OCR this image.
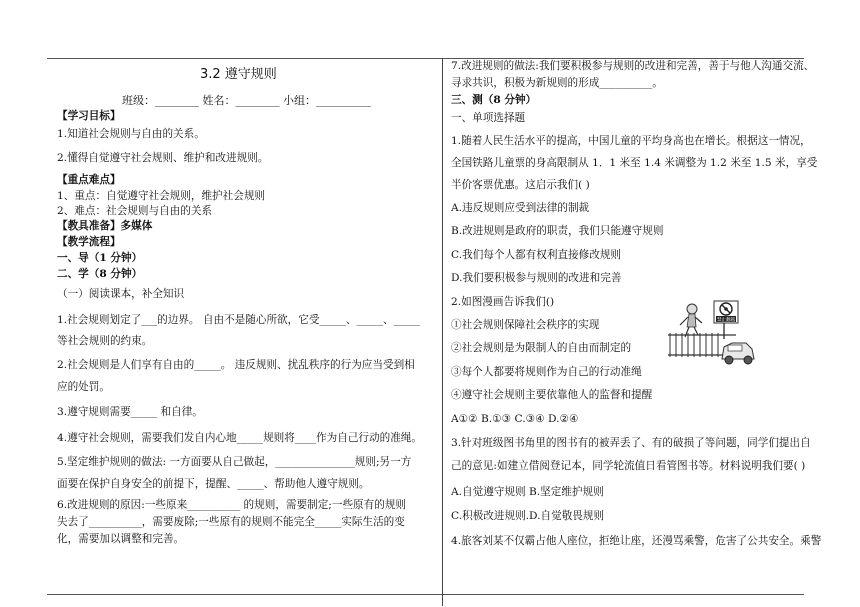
3.2 遵守规则
班级：________ 姓名：________ 小组：__________
【学习目标】
1.知道社会规则与自由的关系。
2.懂得自觉遵守社会规则、维护和改进规则。
【重点难点】
1、重点：自觉遵守社会规则，维护社会规则
2、难点：社会规则与自由的关系
【教具准备】多媒体
【教学流程】
一、导（1 分钟）
二、学（8 分钟）
（一）阅读课本，补全知识
1.社会规则划定了___的边界。 自由不是随心所欲，它受_____、_____、_____
等社会规则的约束。
2.社会规则是人们享有自由的_____。 违反规则、扰乱秩序的行为应当受到相
应的处罚。
3.遵守规则需要_____ 和自律。
4.遵守社会规则，需要我们发自内心地_____规则将____作为自己行动的准绳。
5.坚定维护规则的做法: 一方面要从自己做起，_______________规则;另一方
面要在保护自身安全的前提下，提醒、_____、帮助他人遵守规则。
6.改进规则的原因:一些原来__________ 的规则，需要制定;一些原有的规则
失去了__________，需要废除;一些原有的规则不能完全_____实际生活的变
化，需要加以调整和完善。
7.改进规则的做法:我们要积极参与规则的改进和完善，善于与他人沟通交流、
寻求共识，积极为新规则的形成__________。
三、测（8 分钟）
一、单项选择题
1.随着人民生活水平的提高，中国儿童的平均身高也在增长。根据这一情况，
全国铁路儿童票的身高限制从 1．1 米至 1.4 米调整为 1.2 米至 1.5 米，享受
半价客票优惠。这启示我们( )
A.违反规则应受到法律的制裁
B.改进规则是政府的职责，我们只能遵守规则
C.我们每个人都有权利直接修改规则
D.我们要积极参与规则的改进和完善
2.如图漫画告诉我们()
①社会规则保障社会秩序的实现
②社会规则是为限制人的自由而制定的
③每个人都要将规则作为自己的行动准绳
④遵守社会规则主要依靠他人的监督和提醒
A①② B.①③ C.③④ D.②④
3.针对班级图书角里的图书有的被弄丢了、有的破损了等问题，同学们提出自
己的意见:如建立借阅登记本，同学轮流值日看管图书等。材料说明我们要( )
A.自觉遵守规则 B.坚定维护规则
C.积极改进规则.D.自觉敬畏规则
4.旅客刘某不仅霸占他人座位，拒绝让座，还漫骂乘警，危害了公共安全。乘警
禁止翻越
